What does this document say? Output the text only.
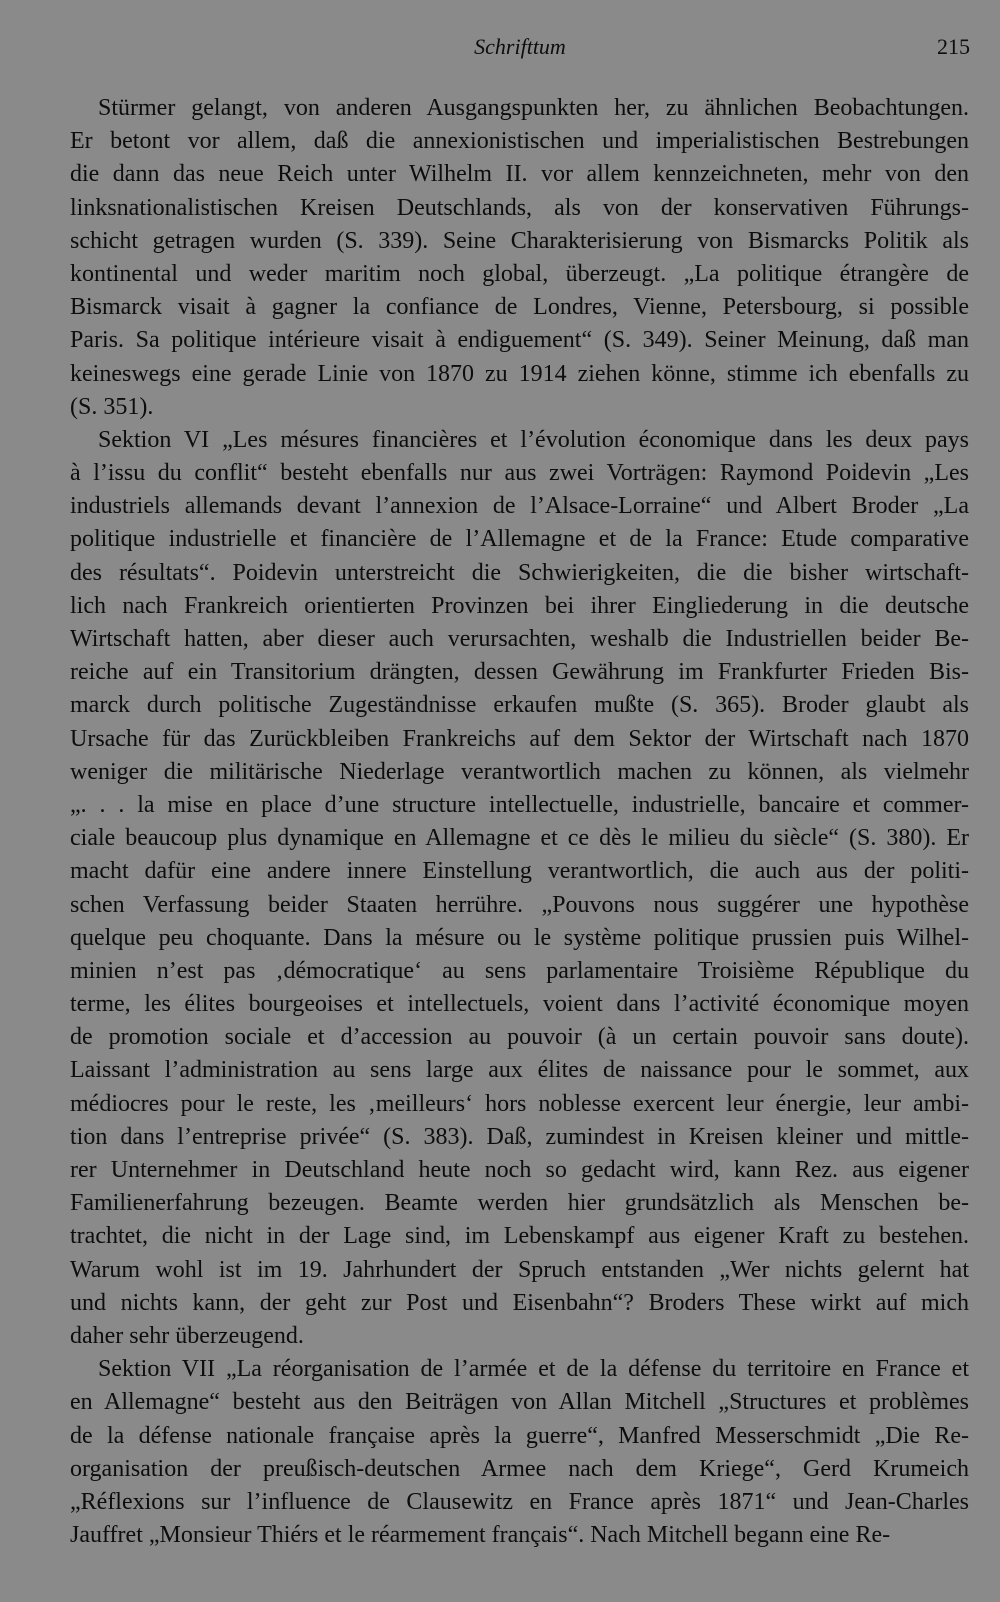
Schrifttum	215
Stürmer gelangt, von anderen Ausgangspunkten her, zu ähnlichen Beobachtungen.
Er betont vor allem, daß die annexionistischen und imperialistischen Bestrebungen
die dann das neue Reich unter Wilhelm II. vor allem kennzeichneten, mehr von den
linksnationalistischen Kreisen Deutschlands, als von der konservativen Führungs-
schicht getragen wurden (S. 339). Seine Charakterisierung von Bismarcks Politik als
kontinental und weder maritim noch global, überzeugt. „La politique étrangère de
Bismarck visait à gagner la confiance de Londres, Vienne, Petersbourg, si possible
Paris. Sa politique intérieure visait à endiguement“ (S. 349). Seiner Meinung, daß man
keineswegs eine gerade Linie von 1870 zu 1914 ziehen könne, stimme ich ebenfalls zu
(S. 351).
Sektion VI „Les mésures financières et l’évolution économique dans les deux pays
à l’issu du conflit“ besteht ebenfalls nur aus zwei Vorträgen: Raymond Poidevin „Les
industriels allemands devant l’annexion de l’Alsace-Lorraine“ und Albert Broder „La
politique industrielle et financière de l’Allemagne et de la France: Etude comparative
des résultats“. Poidevin unterstreicht die Schwierigkeiten, die die bisher wirtschaft-
lich nach Frankreich orientierten Provinzen bei ihrer Eingliederung in die deutsche
Wirtschaft hatten, aber dieser auch verursachten, weshalb die Industriellen beider Be-
reiche auf ein Transitorium drängten, dessen Gewährung im Frankfurter Frieden Bis-
marck durch politische Zugeständnisse erkaufen mußte (S. 365). Broder glaubt als
Ursache für das Zurückbleiben Frankreichs auf dem Sektor der Wirtschaft nach 1870
weniger die militärische Niederlage verantwortlich machen zu können, als vielmehr
„. . . la mise en place d’une structure intellectuelle, industrielle, bancaire et commer-
ciale beaucoup plus dynamique en Allemagne et ce dès le milieu du siècle“ (S. 380). Er
macht dafür eine andere innere Einstellung verantwortlich, die auch aus der politi-
schen Verfassung beider Staaten herrühre. „Pouvons nous suggérer une hypothèse
quelque peu choquante. Dans la mésure ou le système politique prussien puis Wilhel-
minien n’est pas ‚démocratique‘ au sens parlamentaire Troisième République du
terme, les élites bourgeoises et intellectuels, voient dans l’activité économique moyen
de promotion sociale et d’accession au pouvoir (à un certain pouvoir sans doute).
Laissant l’administration au sens large aux élites de naissance pour le sommet, aux
médiocres pour le reste, les ‚meilleurs‘ hors noblesse exercent leur énergie, leur ambi-
tion dans l’entreprise privée“ (S. 383). Daß, zumindest in Kreisen kleiner und mittle-
rer Unternehmer in Deutschland heute noch so gedacht wird, kann Rez. aus eigener
Familienerfahrung bezeugen. Beamte werden hier grundsätzlich als Menschen be-
trachtet, die nicht in der Lage sind, im Lebenskampf aus eigener Kraft zu bestehen.
Warum wohl ist im 19. Jahrhundert der Spruch entstanden „Wer nichts gelernt hat
und nichts kann, der geht zur Post und Eisenbahn“? Broders These wirkt auf mich
daher sehr überzeugend.
Sektion VII „La réorganisation de l’armée et de la défense du territoire en France et
en Allemagne“ besteht aus den Beiträgen von Allan Mitchell „Structures et problèmes
de la défense nationale française après la guerre“, Manfred Messerschmidt „Die Re-
organisation der preußisch-deutschen Armee nach dem Kriege“, Gerd Krumeich
„Réflexions sur l’influence de Clausewitz en France après 1871“ und Jean-Charles
Jauffret „Monsieur Thiérs et le réarmement français“. Nach Mitchell begann eine Re-
